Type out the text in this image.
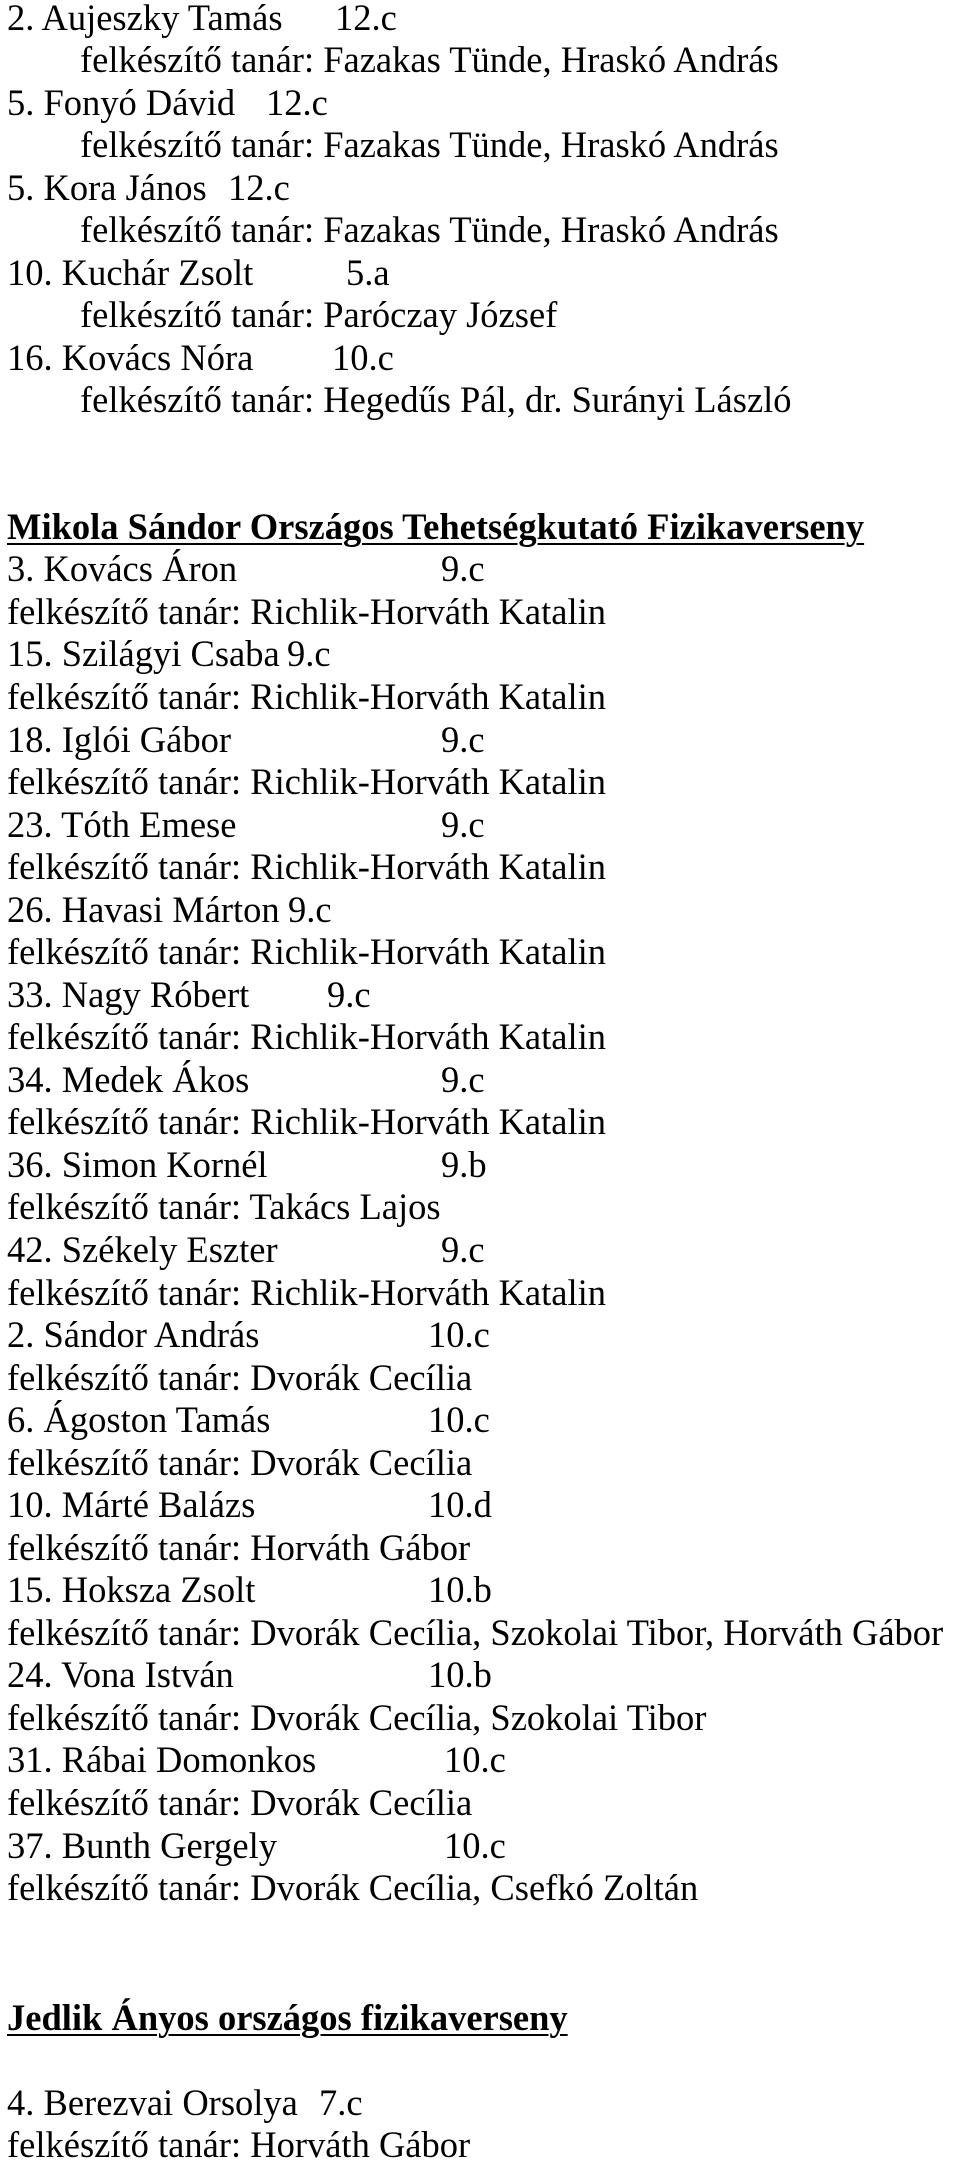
2. Aujeszky Tamás 12.c
felkészítő tanár: Fazakas Tünde, Hraskó András
5. Fonyó Dávid 12.c
felkészítő tanár: Fazakas Tünde, Hraskó András
5. Kora János 12.c
felkészítő tanár: Fazakas Tünde, Hraskó András
10. Kuchár Zsolt	5.a
felkészítő tanár: Paróczay József
16. Kovács Nóra 10.c
felkészítő tanár: Hegedűs Pál, dr. Surányi László
Mikola Sándor Országos Tehetségkutató Fizikaverseny
3. Kovács Áron	9.c
felkészítő tanár: Richlik-Horváth Katalin
15. Szilágyi Csaba 9.c
felkészítő tanár: Richlik-Horváth Katalin
18. Iglói Gábor	9.c
felkészítő tanár: Richlik-Horváth Katalin
23. Tóth Emese	9.c
felkészítő tanár: Richlik-Horváth Katalin
26. Havasi Márton 9.c
felkészítő tanár: Richlik-Horváth Katalin
33. Nagy Róbert 9.c
felkészítő tanár: Richlik-Horváth Katalin
34. Medek Ákos	9.c
felkészítő tanár: Richlik-Horváth Katalin
36. Simon Kornél	9.b
felkészítő tanár: Takács Lajos
42. Székely Eszter	9.c
felkészítő tanár: Richlik-Horváth Katalin
2. Sándor András	10.c
felkészítő tanár: Dvorák Cecília
6. Ágoston Tamás	10.c
felkészítő tanár: Dvorák Cecília
10. Márté Balázs	10.d
felkészítő tanár: Horváth Gábor
15. Hoksza Zsolt	10.b
felkészítő tanár: Dvorák Cecília, Szokolai Tibor, Horváth Gábor
24. Vona István	10.b
felkészítő tanár: Dvorák Cecília, Szokolai Tibor
31. Rábai Domonkos	10.c
felkészítő tanár: Dvorák Cecília
37. Bunth Gergely	10.c
felkészítő tanár: Dvorák Cecília, Csefkó Zoltán
Jedlik Ányos országos fizikaverseny
4. Berezvai Orsolya 7.c
felkészítő tanár: Horváth Gábor
